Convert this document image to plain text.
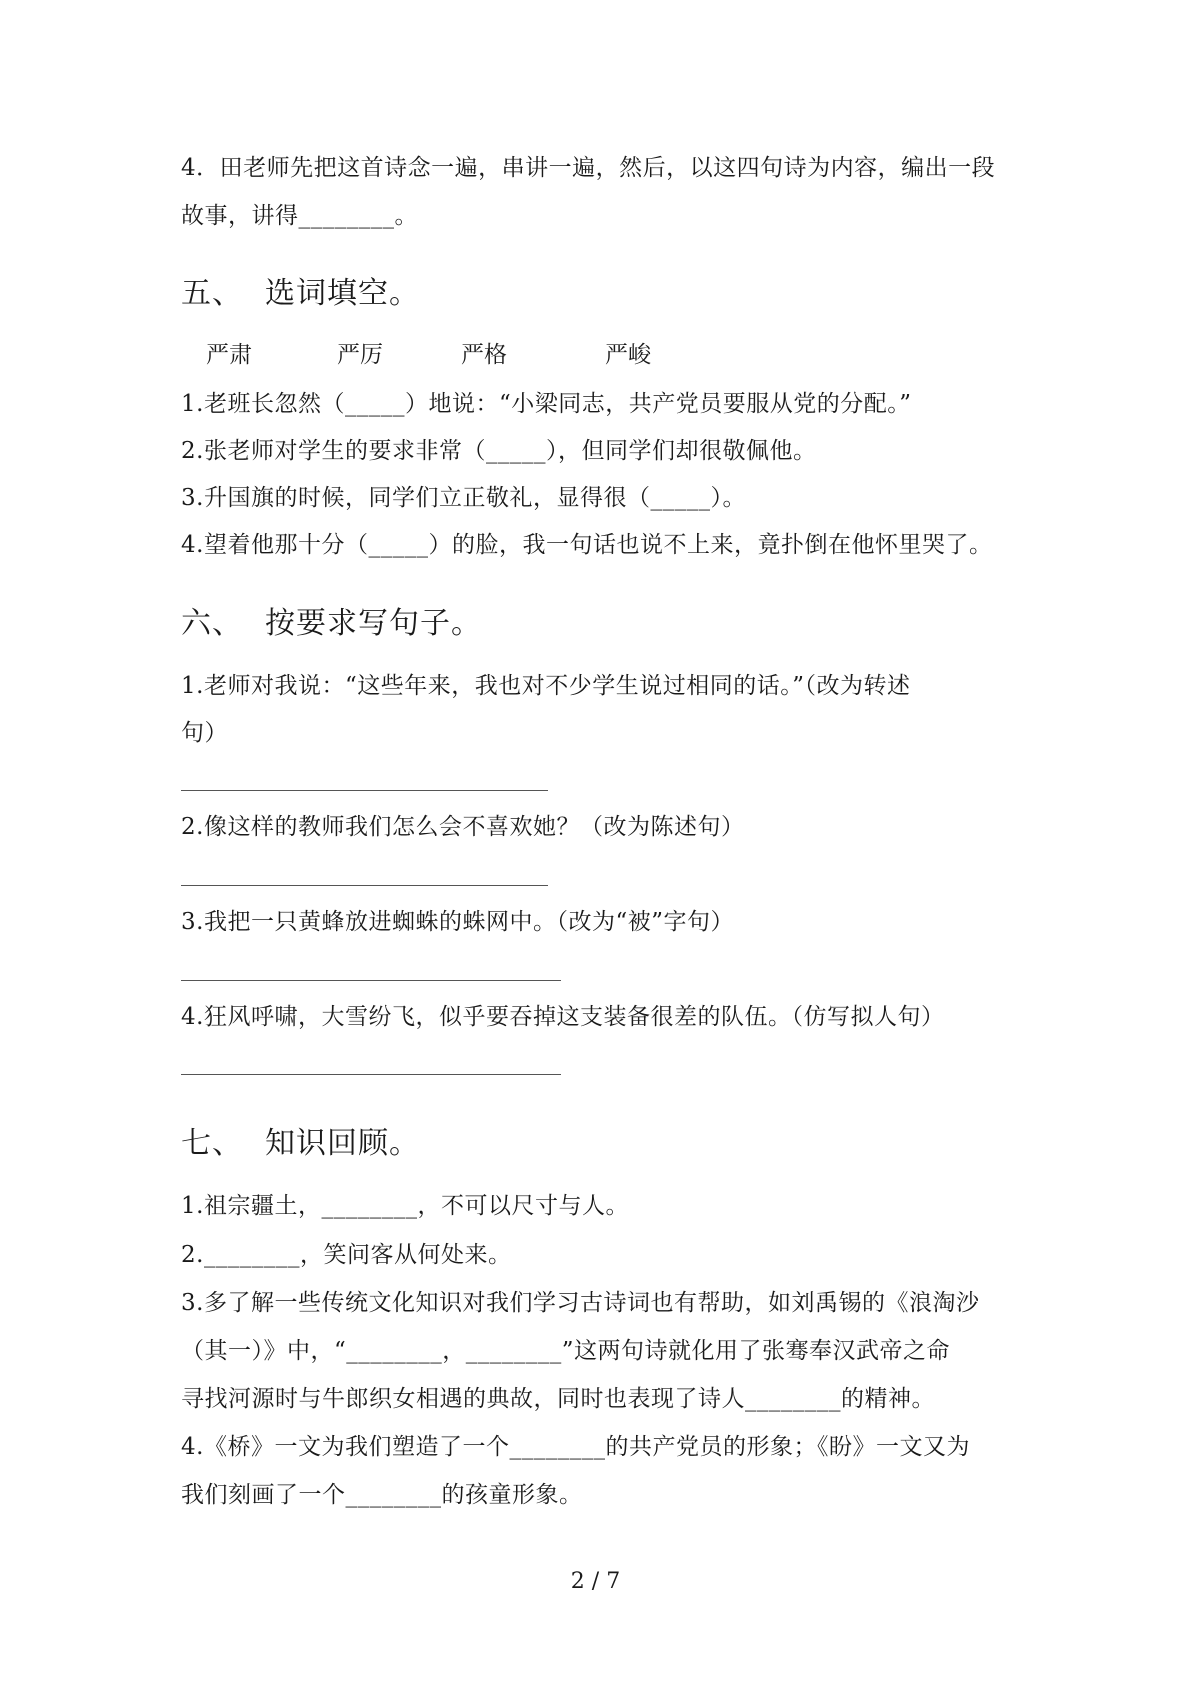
4．田老师先把这首诗念一遍，串讲一遍，然后，以这四句诗为内容，编出一段
故事，讲得________。
五、 选词填空。
严肃	严厉	严格	严峻
1.老班长忽然（_____）地说：“小梁同志，共产党员要服从党的分配。”
2.张老师对学生的要求非常（_____），但同学们却很敬佩他。
3.升国旗的时候，同学们立正敬礼，显得很（_____）。
4.望着他那十分（_____）的脸，我一句话也说不上来，竟扑倒在他怀里哭了。
六、 按要求写句子。
1.老师对我说：“这些年来，我也对不少学生说过相同的话。”（改为转述
句）
2.像这样的教师我们怎么会不喜欢她？（改为陈述句）
3.我把一只黄蜂放进蜘蛛的蛛网中。（改为“被”字句）
4.狂风呼啸，大雪纷飞，似乎要吞掉这支装备很差的队伍。（仿写拟人句）
七、 知识回顾。
1.祖宗疆土，________，不可以尺寸与人。
2.________，笑问客从何处来。
3.多了解一些传统文化知识对我们学习古诗词也有帮助，如刘禹锡的《浪淘沙
（其一）》中，“________，________”这两句诗就化用了张骞奉汉武帝之命
寻找河源时与牛郎织女相遇的典故，同时也表现了诗人________的精神。
4.《桥》一文为我们塑造了一个________的共产党员的形象；《盼》一文又为
我们刻画了一个________的孩童形象。
2 / 7
